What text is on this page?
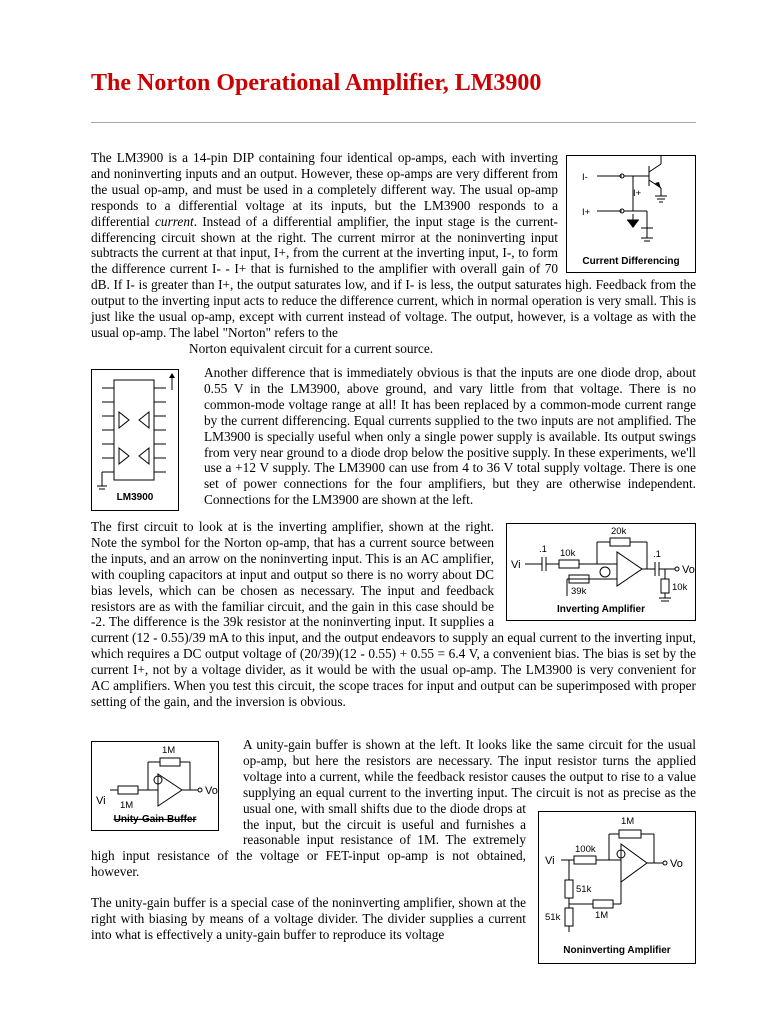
The Norton Operational Amplifier, LM3900
I-
I+
I+
Current Differencing

The LM3900 is a 14-pin DIP containing four identical op-amps, each with inverting and noninverting inputs and an output. However, these op-amps are very different from the usual op-amp, and must be used in a completely different way. The usual op-amp responds to a differential voltage at its inputs, but the LM3900 responds to a differential current. Instead of a differential amplifier, the input stage is the current-differencing circuit shown at the right. The current mirror at the noninverting input subtracts the current at that input, I+, from the current at the inverting input, I-, to form the difference current I- - I+ that is furnished to the amplifier with overall gain of 70 dB. If I- is greater than I+, the output saturates low, and if I- is less, the output saturates high. Feedback from the output to the inverting input acts to reduce the difference current, which in normal operation is very small. This is just like the usual op-amp, except with current instead of voltage. The output, however, is a voltage as with the usual op-amp. The label "Norton" refers to the
Norton equivalent circuit for a current source.

LM3900

Another difference that is immediately obvious is that the inputs are one diode drop, about 0.55 V in the LM3900, above ground, and vary little from that voltage. There is no common-mode voltage range at all! It has been replaced by a common-mode current range by the current differencing. Equal currents supplied to the two inputs are not amplified. The LM3900 is specially useful when only a single power supply is available. Its output swings from very near ground to a diode drop below the positive supply. In these experiments, we'll use a +12 V supply. The LM3900 can use from 4 to 36 V total supply voltage. There is one set of power connections for the four amplifiers, but they are otherwise independent. Connections for the LM3900 are shown at the left.

Vi
.1 10k
20k
.1
Vo
39k	10k
Inverting Amplifier

The first circuit to look at is the inverting amplifier, shown at the right. Note the symbol for the Norton op-amp, that has a current source between the inputs, and an arrow on the noninverting input. This is an AC amplifier, with coupling capacitors at input and output so there is no worry about DC bias levels, which can be chosen as necessary. The input and feedback resistors are as with the familiar circuit, and the gain in this case should be -2. The difference is the 39k resistor at the noninverting input. It supplies a current (12 - 0.55)/39 mA to this input, and the output endeavors to supply an equal current to the inverting input, which requires a DC output voltage of (20/39)(12 - 0.55) + 0.55 = 6.4 V, a convenient bias. The bias is set by the current I+, not by a voltage divider, as it would be with the usual op-amp. The LM3900 is very convenient for AC amplifiers. When you test this circuit, the scope traces for input and output can be superimposed with proper setting of the gain, and the inversion is obvious.

1M
Vi 1M
Vo
Unity-Gain Buffer	1M
Vi
100k
Vo
51k
51k	1M
Noninverting Amplifier

A unity-gain buffer is shown at the left. It looks like the same circuit for the usual op-amp, but here the resistors are necessary. The input resistor turns the applied voltage into a current, while the feedback resistor causes the output to rise to a value supplying an equal current to the inverting input. The circuit is not as precise as the usual one, with small shifts due to the diode drops at the input, but the circuit is useful and furnishes a reasonable input resistance of 1M. The extremely high input resistance of the voltage or FET-input op-amp is not obtained, however.

The unity-gain buffer is a special case of the noninverting amplifier, shown at the right with biasing by means of a voltage divider. The divider supplies a current into what is effectively a unity-gain buffer to reproduce its voltage
